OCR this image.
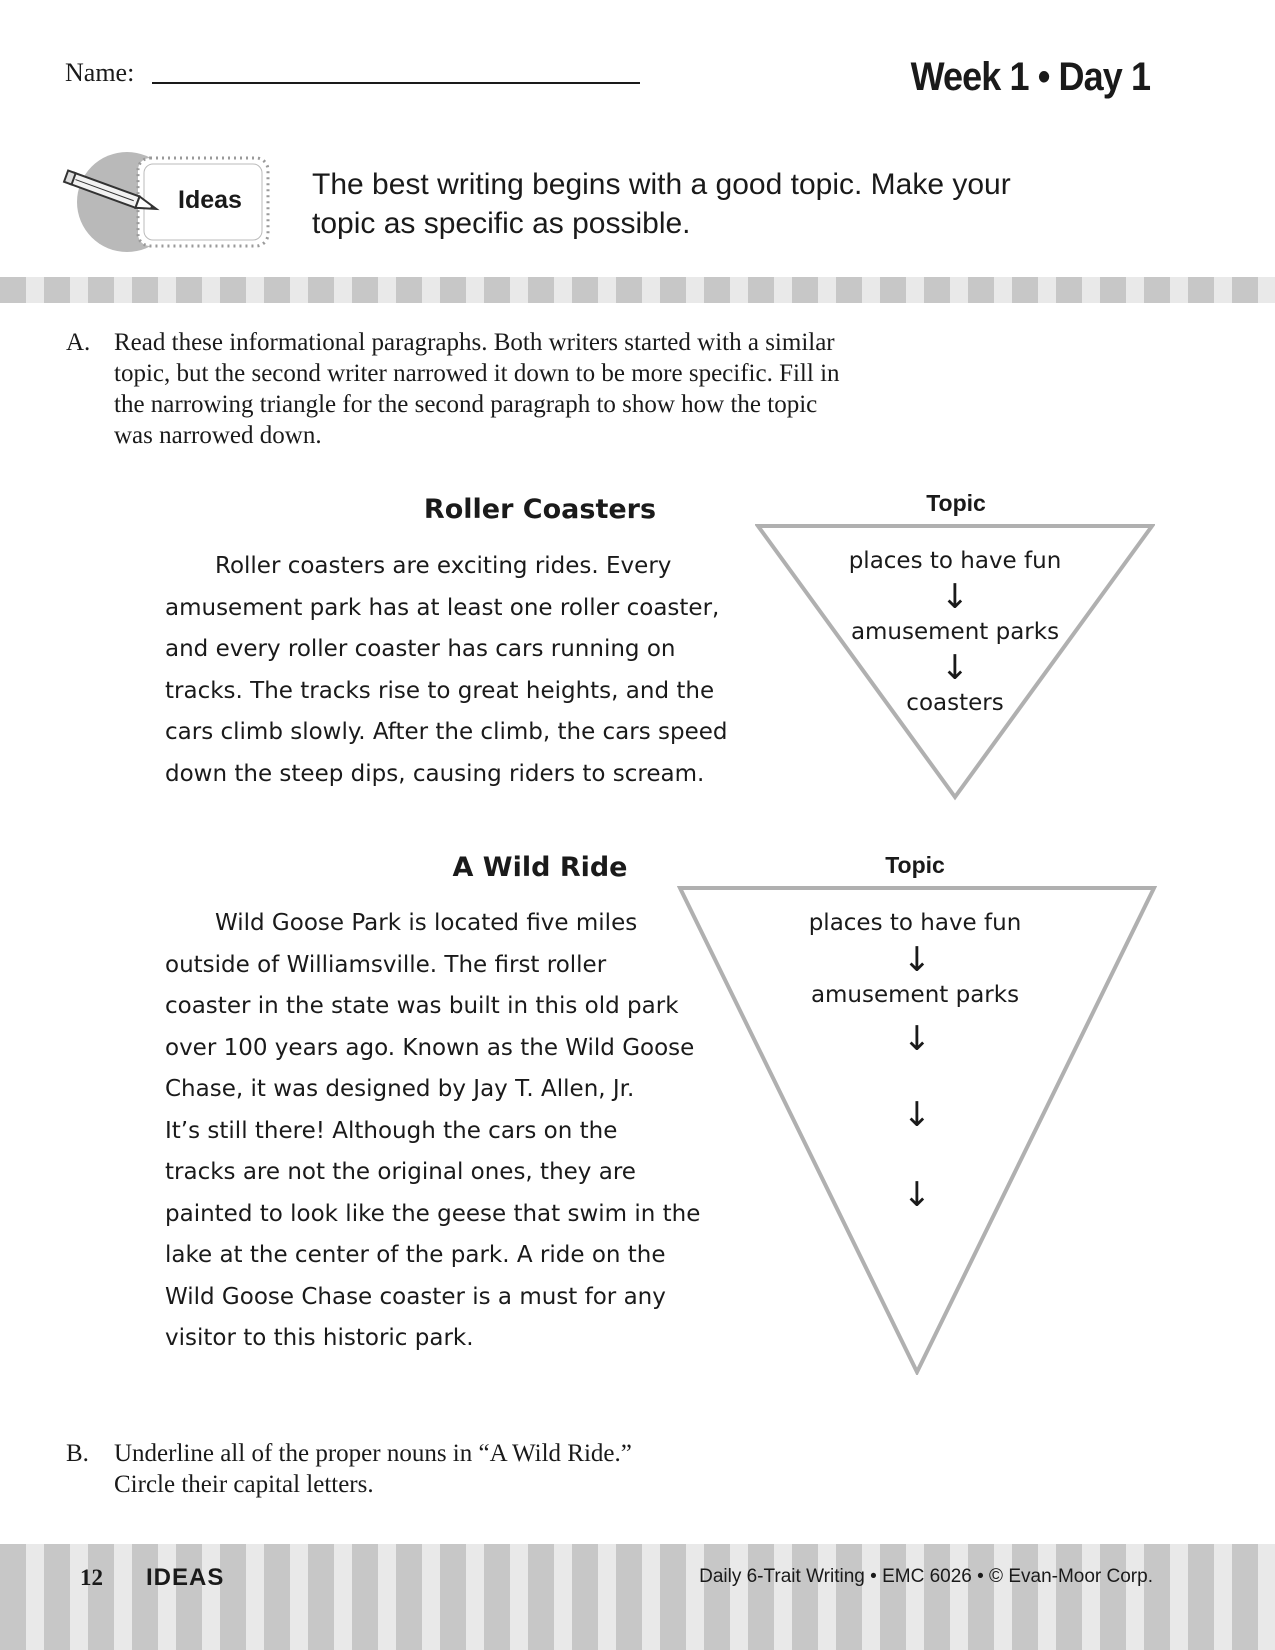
Name:	Week 1 • Day 1
Ideas The best writing begins with a good topic. Make your
topic as specific as possible.
A. Read these informational paragraphs. Both writers started with a similar
topic, but the second writer narrowed it down to be more specific. Fill in
the narrowing triangle for the second paragraph to show how the topic
was narrowed down.
Roller Coasters
Roller coasters are exciting rides. Every
amusement park has at least one roller coaster,
and every roller coaster has cars running on
tracks. The tracks rise to great heights, and the
cars climb slowly. After the climb, the cars speed
down the steep dips, causing riders to scream.
Topic
places to have fun
↓
amusement parks
↓
coasters
A Wild Ride
Wild Goose Park is located five miles
outside of Williamsville. The first roller
coaster in the state was built in this old park
over 100 years ago. Known as the Wild Goose
Chase, it was designed by Jay T. Allen, Jr.
It’s still there! Although the cars on the
tracks are not the original ones, they are
painted to look like the geese that swim in the
lake at the center of the park. A ride on the
Wild Goose Chase coaster is a must for any
visitor to this historic park.
Topic
places to have fun
↓
amusement parks
↓
↓
↓
B. Underline all of the proper nouns in “A Wild Ride.”
Circle their capital letters.
12 IDEAS	Daily 6-Trait Writing • EMC 6026 • © Evan-Moor Corp.
